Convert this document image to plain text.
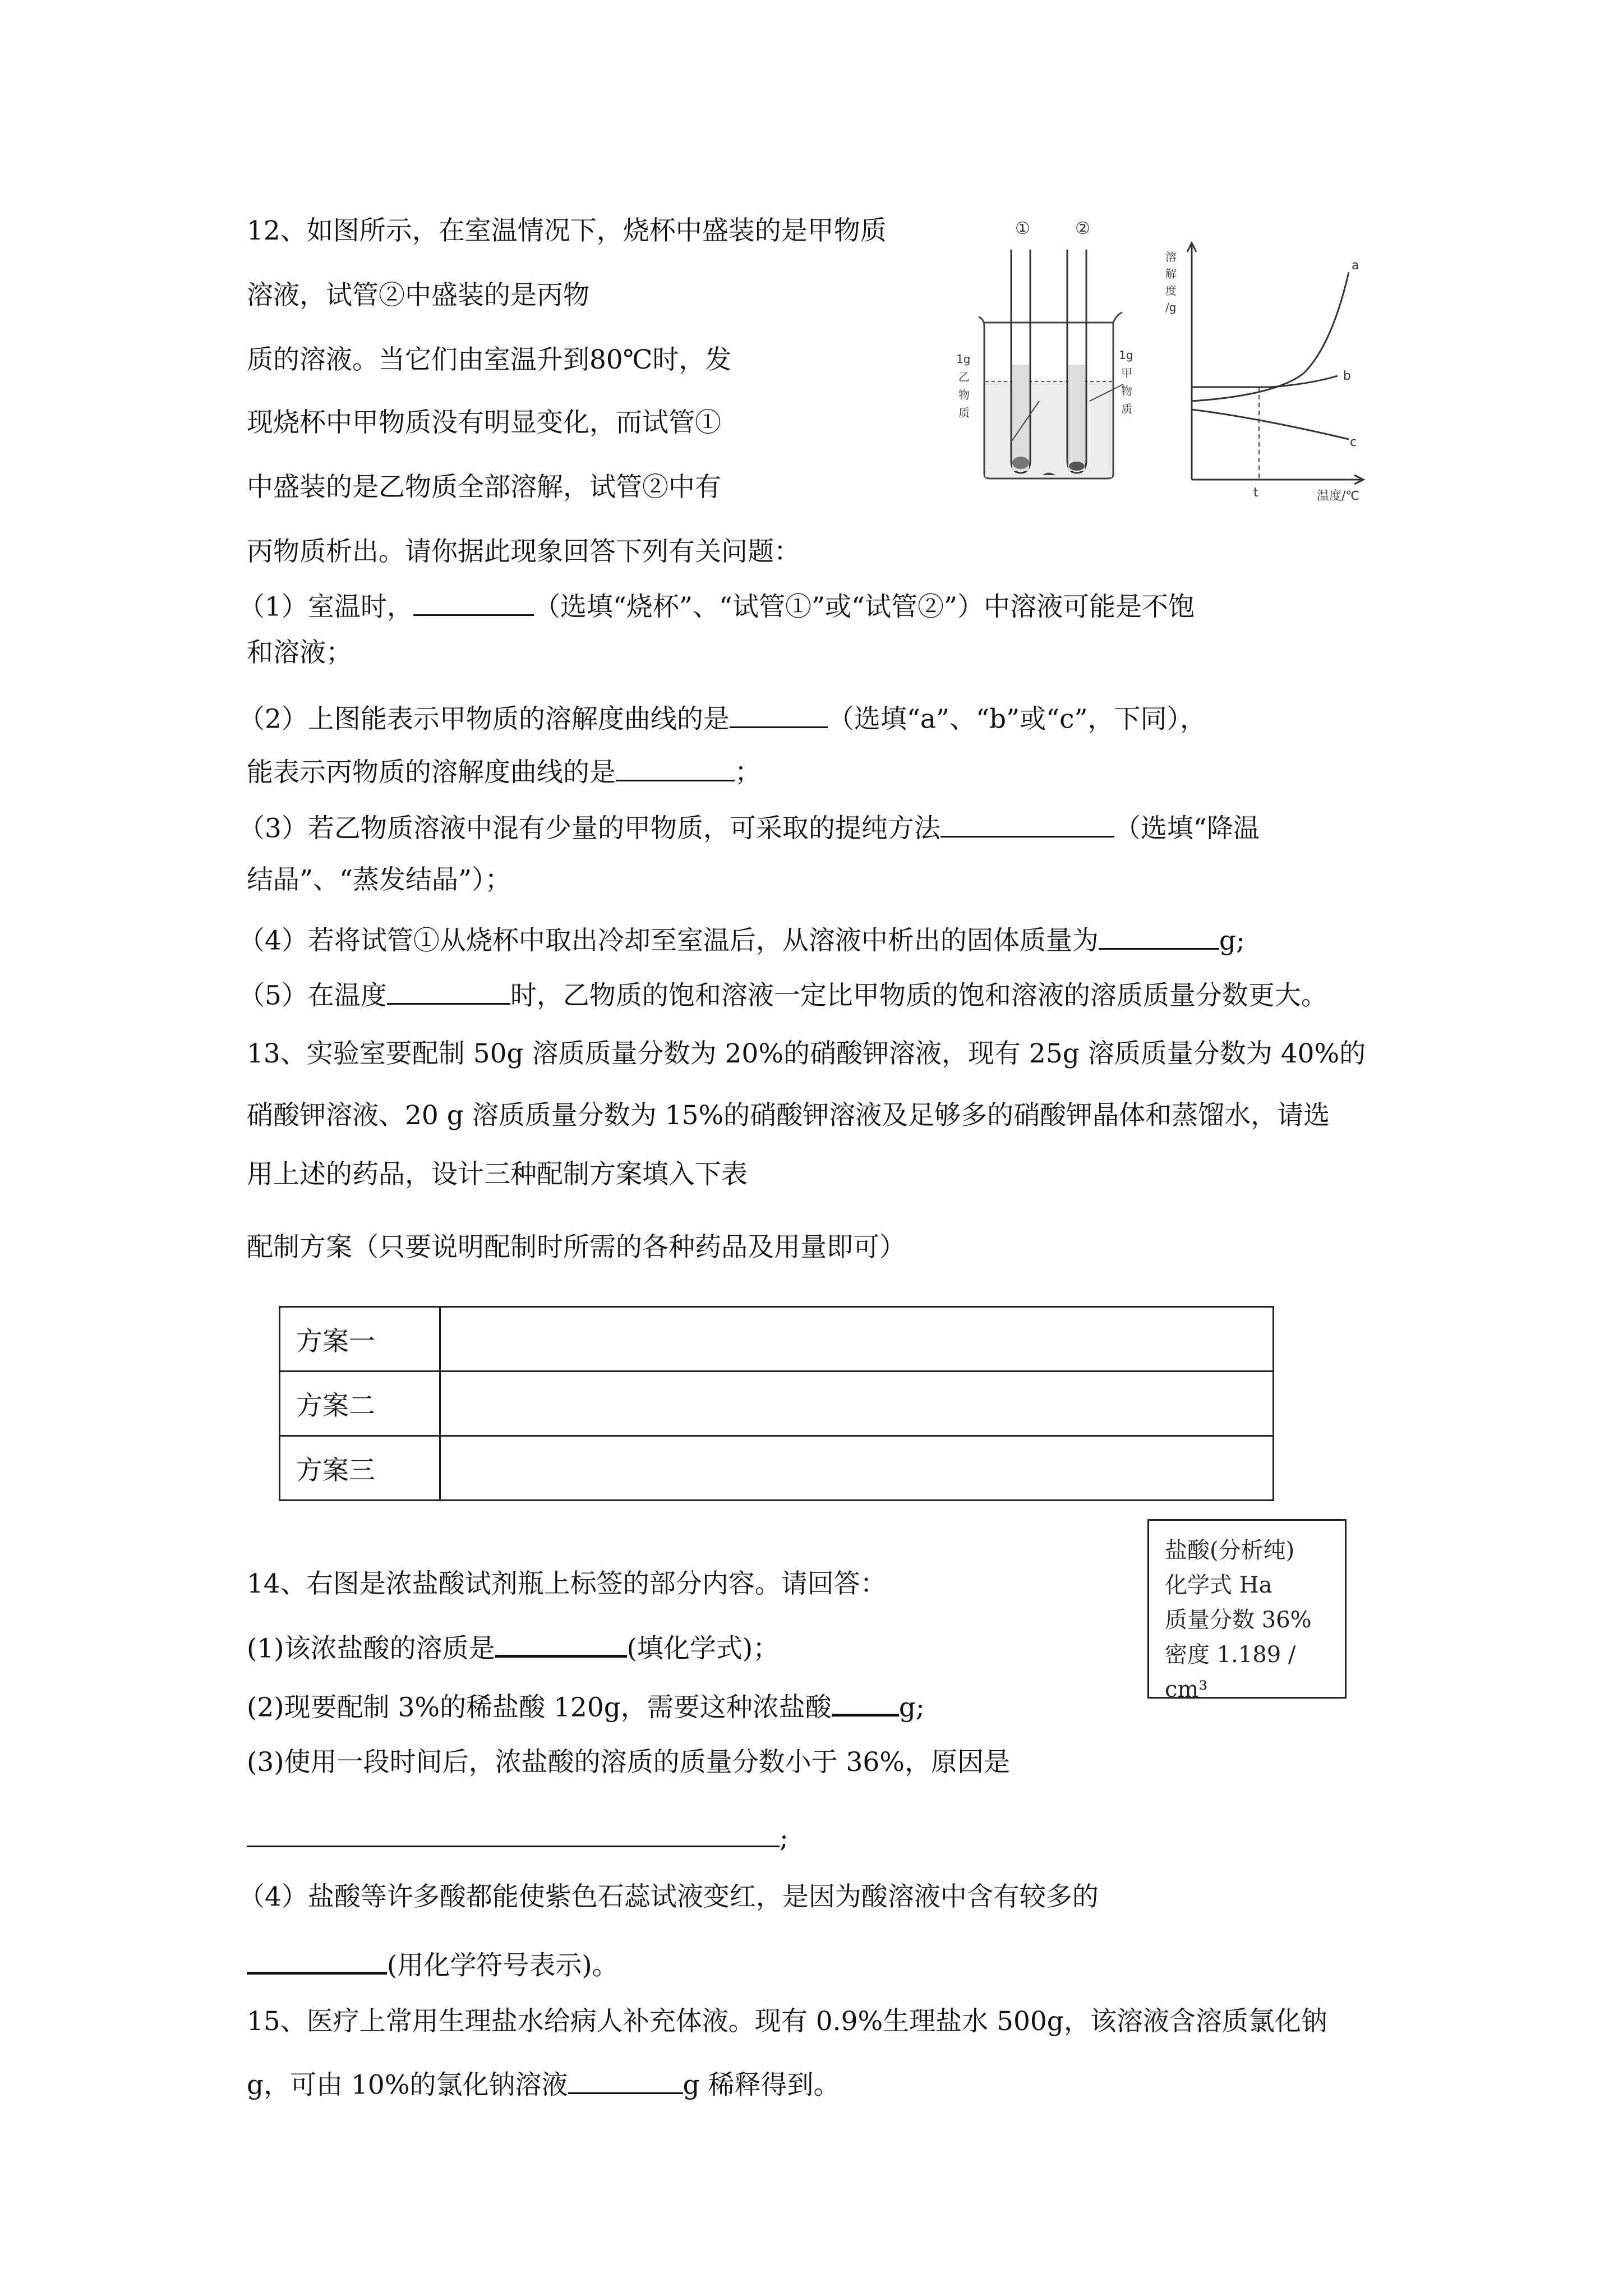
12、如图所示，在室温情况下，烧杯中盛装的是甲物质
溶液，试管②中盛装的是丙物
质的溶液。当它们由室温升到80℃时，发
现烧杯中甲物质没有明显变化，而试管①
中盛装的是乙物质全部溶解，试管②中有
丙物质析出。请你据此现象回答下列有关问题：
（1）室温时，	（选填“烧杯”、“试管①”或“试管②”）中溶液可能是不饱
和溶液；
（2）上图能表示甲物质的溶解度曲线的是	（选填“a”、“b”或“c”，下同），
能表示丙物质的溶解度曲线的是	；
（3）若乙物质溶液中混有少量的甲物质，可采取的提纯方法	（选填“降温
结晶”、“蒸发结晶”）；
（4）若将试管①从烧杯中取出冷却至室温后，从溶液中析出的固体质量为	g;
（5）在温度	时，乙物质的饱和溶液一定比甲物质的饱和溶液的溶质质量分数更大。
①	②
1g
乙
物
质
1g
甲
物
质
溶
解
度
/g
a
b
c
t	温度/℃
13、实验室要配制 50g 溶质质量分数为 20%的硝酸钾溶液，现有 25g 溶质质量分数为 40%的
硝酸钾溶液、20 g 溶质质量分数为 15%的硝酸钾溶液及足够多的硝酸钾晶体和蒸馏水，请选
用上述的药品，设计三种配制方案填入下表
配制方案（只要说明配制时所需的各种药品及用量即可）
方案一	
方案二	
方案三	
盐酸(分析纯)
化学式 Ha
质量分数 36%
密度 1.189 / cm³
14、右图是浓盐酸试剂瓶上标签的部分内容。请回答：
(1)该浓盐酸的溶质是	(填化学式)；
(2)现要配制 3%的稀盐酸 120g，需要这种浓盐酸	g;
(3)使用一段时间后，浓盐酸的溶质的质量分数小于 36%，原因是
;
（4）盐酸等许多酸都能使紫色石蕊试液变红，是因为酸溶液中含有较多的
(用化学符号表示)。
15、医疗上常用生理盐水给病人补充体液。现有 0.9%生理盐水 500g，该溶液含溶质氯化钠
g，可由 10%的氯化钠溶液	g 稀释得到。
